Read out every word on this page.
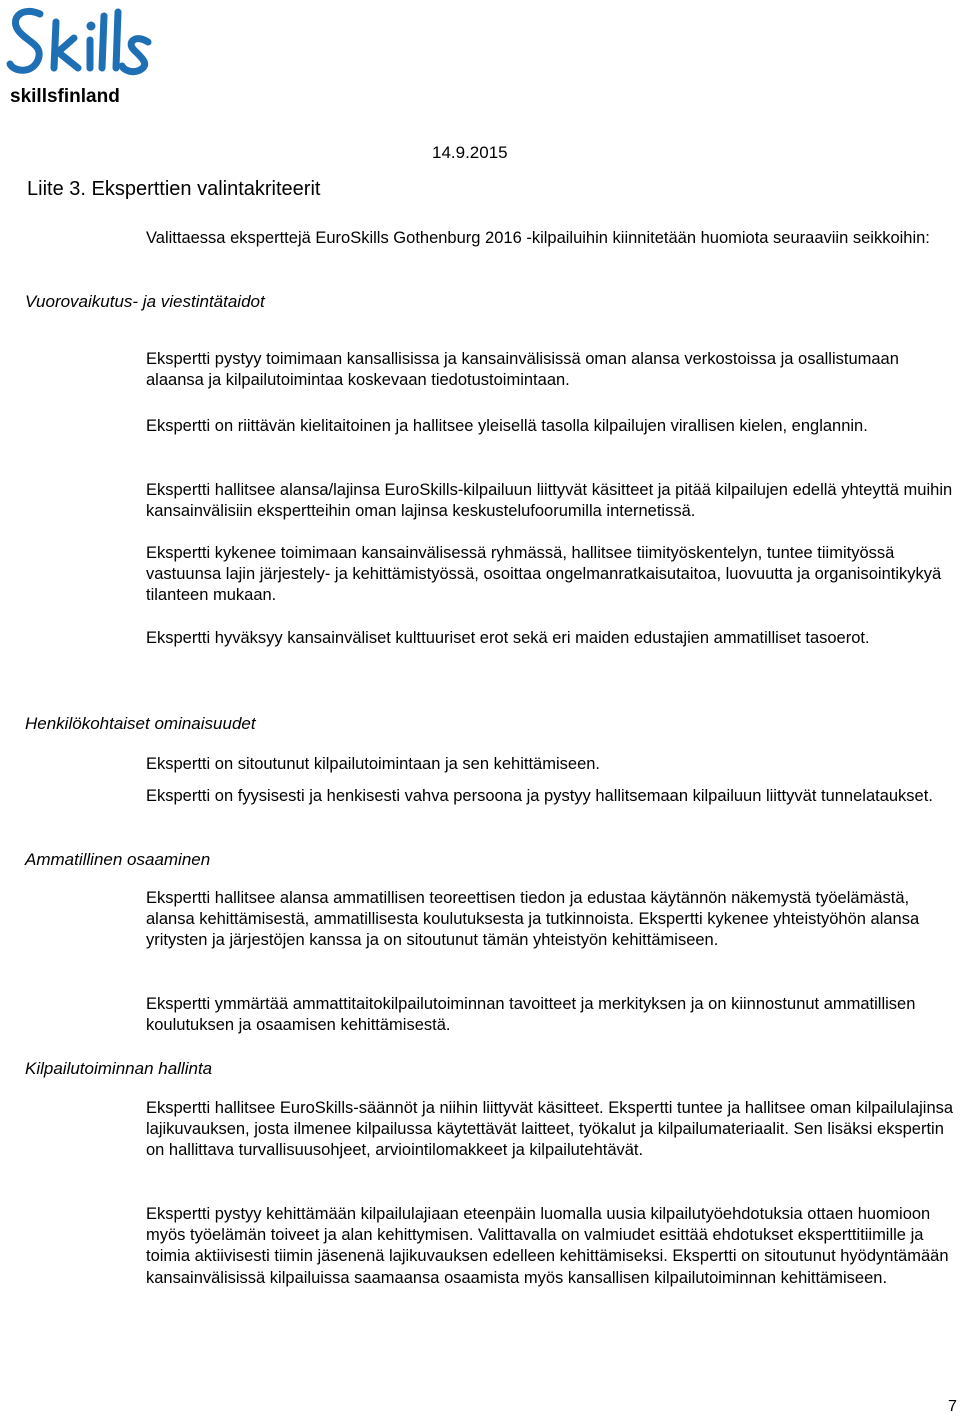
skillsfinland
14.9.2015
Liite 3. Eksperttien valintakriteerit
Valittaessa eksperttejä EuroSkills Gothenburg 2016 -kilpailuihin kiinnitetään huomiota seuraaviin seikkoihin:
Vuorovaikutus- ja viestintätaidot

Ekspertti pystyy toimimaan kansallisissa ja kansainvälisissä oman alansa verkostoissa ja osallistumaan alaansa ja kilpailutoimintaa koskevaan tiedotustoimintaan.

Ekspertti on riittävän kielitaitoinen ja hallitsee yleisellä tasolla kilpailujen virallisen kielen, englannin.

Ekspertti hallitsee alansa/lajinsa EuroSkills-kilpailuun liittyvät käsitteet ja pitää kilpailujen edellä yhteyttä muihin kansainvälisiin ekspertteihin oman lajinsa keskustelufoorumilla internetissä.

Ekspertti kykenee toimimaan kansainvälisessä ryhmässä, hallitsee tiimityöskentelyn, tuntee tiimityössä vastuunsa lajin järjestely- ja kehittämistyössä, osoittaa ongelmanratkaisutaitoa, luovuutta ja organisointikykyä tilanteen mukaan.

Ekspertti hyväksyy kansainväliset kulttuuriset erot sekä eri maiden edustajien ammatilliset tasoerot.

Henkilökohtaiset ominaisuudet

Ekspertti on sitoutunut kilpailutoimintaan ja sen kehittämiseen.

Ekspertti on fyysisesti ja henkisesti vahva persoona ja pystyy hallitsemaan kilpailuun liittyvät tunnelataukset.

Ammatillinen osaaminen

Ekspertti hallitsee alansa ammatillisen teoreettisen tiedon ja edustaa käytännön näkemystä työelämästä, alansa kehittämisestä, ammatillisesta koulutuksesta ja tutkinnoista. Ekspertti kykenee yhteistyöhön alansa yritysten ja järjestöjen kanssa ja on sitoutunut tämän yhteistyön kehittämiseen.

Ekspertti ymmärtää ammattitaitokilpailutoiminnan tavoitteet ja merkityksen ja on kiinnostunut ammatillisen koulutuksen ja osaamisen kehittämisestä.

Kilpailutoiminnan hallinta

Ekspertti hallitsee EuroSkills-säännöt ja niihin liittyvät käsitteet. Ekspertti tuntee ja hallitsee oman kilpailulajinsa lajikuvauksen, josta ilmenee kilpailussa käytettävät laitteet, työkalut ja kilpailumateriaalit. Sen lisäksi ekspertin on hallittava turvallisuusohjeet, arviointilomakkeet ja kilpailutehtävät.

Ekspertti pystyy kehittämään kilpailulajiaan eteenpäin luomalla uusia kilpailutyöehdotuksia ottaen huomioon myös työelämän toiveet ja alan kehittymisen. Valittavalla on valmiudet esittää ehdotukset eksperttitiimille ja toimia aktiivisesti tiimin jäsenenä lajikuvauksen edelleen kehittämiseksi. Ekspertti on sitoutunut hyödyntämään kansainvälisissä kilpailuissa saamaansa osaamista myös kansallisen kilpailutoiminnan kehittämiseen.

7
